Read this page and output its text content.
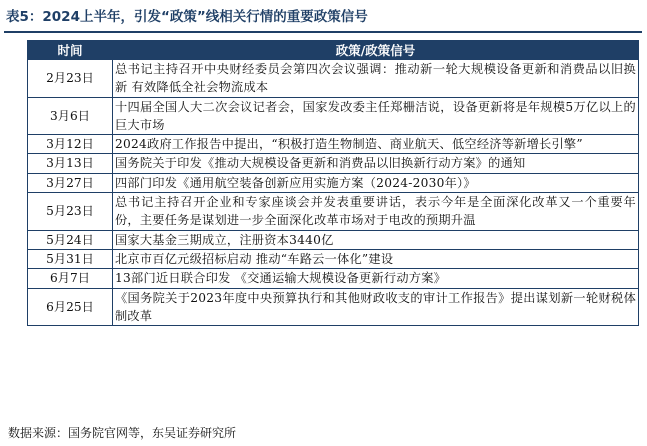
表5：2024上半年，引发“政策”线相关行情的重要政策信号
时间	政策/政策信号
2月23日	总书记主持召开中央财经委员会第四次会议强调：推动新一轮大规模设备更新和消费品以旧换新 有效降低全社会物流成本
3月6日	十四届全国人大二次会议记者会，国家发改委主任郑栅洁说，设备更新将是年规模5万亿以上的巨大市场
3月12日	2024政府工作报告中提出，“积极打造生物制造、商业航天、低空经济等新增长引擎”
3月13日	国务院关于印发《推动大规模设备更新和消费品以旧换新行动方案》的通知
3月27日	四部门印发《通用航空装备创新应用实施方案（2024-2030年）》
5月23日	总书记主持召开企业和专家座谈会并发表重要讲话，表示今年是全面深化改革又一个重要年份，主要任务是谋划进一步全面深化改革市场对于电改的预期升温
5月24日	国家大基金三期成立，注册资本3440亿
5月31日	北京市百亿元级招标启动 推动“车路云一体化”建设
6月7日	13部门近日联合印发 《交通运输大规模设备更新行动方案》
6月25日	《国务院关于2023年度中央预算执行和其他财政收支的审计工作报告》提出谋划新一轮财税体制改革
数据来源：国务院官网等，东吴证券研究所
